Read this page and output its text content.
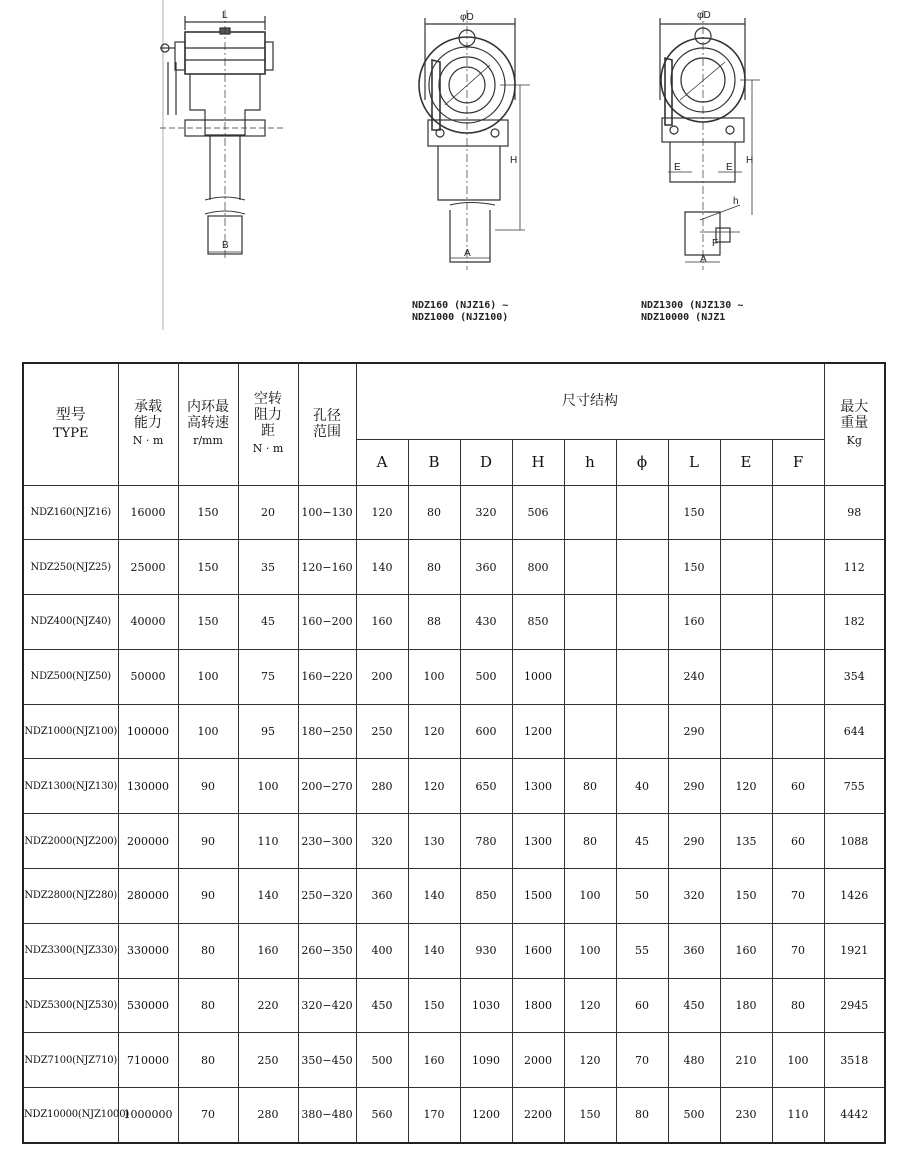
L
B
φD
H
A
φD
H
E	E
h
F
A
NDZ160 (NJZ16) ~
NDZ1000 (NJZ100)
NDZ1300 (NJZ130 ~
NDZ10000 (NJZ1
型号

TYPE	承载
能力
N · m	内环最
高转速
r/mm	空转
阻力
距
N · m	孔径
范围	尺寸结构									最大
重量
Kg

					A	B	D	H	h	ϕ	L	E	F	
NDZ160(NJZ16)	16000	150	20	100−130	120	80	320	506			150			98
NDZ250(NJZ25)	25000	150	35	120−160	140	80	360	800			150			112
NDZ400(NJZ40)	40000	150	45	160−200	160	88	430	850			160			182
NDZ500(NJZ50)	50000	100	75	160−220	200	100	500	1000			240			354
NDZ1000(NJZ100)	100000	100	95	180−250	250	120	600	1200			290			644
NDZ1300(NJZ130)	130000	90	100	200−270	280	120	650	1300	80	40	290	120	60	755
NDZ2000(NJZ200)	200000	90	110	230−300	320	130	780	1300	80	45	290	135	60	1088
NDZ2800(NJZ280)	280000	90	140	250−320	360	140	850	1500	100	50	320	150	70	1426
NDZ3300(NJZ330)	330000	80	160	260−350	400	140	930	1600	100	55	360	160	70	1921
NDZ5300(NJZ530)	530000	80	220	320−420	450	150	1030	1800	120	60	450	180	80	2945
NDZ7100(NJZ710)	710000	80	250	350−450	500	160	1090	2000	120	70	480	210	100	3518
NDZ10000(NJZ1000)	1000000	70	280	380−480	560	170	1200	2200	150	80	500	230	110	4442
